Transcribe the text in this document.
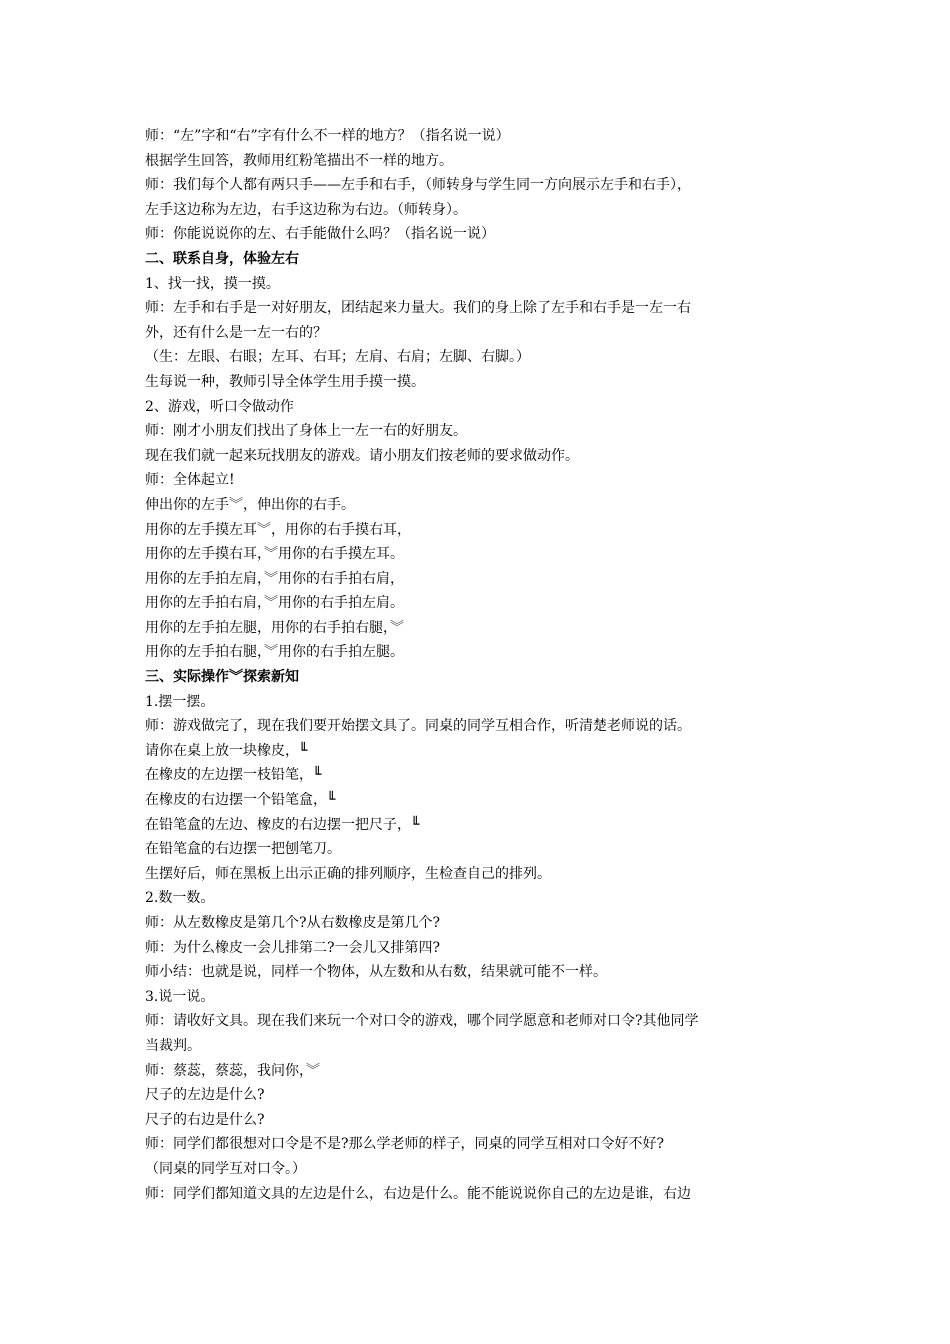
师：“左”字和“右”字有什么不一样的地方？（指名说一说）
根据学生回答，教师用红粉笔描出不一样的地方。
师：我们每个人都有两只手——左手和右手，（师转身与学生同一方向展示左手和右手），
左手这边称为左边，右手这边称为右边。（师转身）。
师：你能说说你的左、右手能做什么吗？（指名说一说）
二、联系自身，体验左右
1、找一找，摸一摸。
师：左手和右手是一对好朋友，团结起来力量大。我们的身上除了左手和右手是一左一右
外，还有什么是一左一右的？
（生：左眼、右眼；左耳、右耳；左肩、右肩；左脚、右脚。）
生每说一种，教师引导全体学生用手摸一摸。
2、游戏，听口令做动作
师：刚才小朋友们找出了身体上一左一右的好朋友。
现在我们就一起来玩找朋友的游戏。请小朋友们按老师的要求做动作。
师：全体起立!
伸出你的左手︾，伸出你的右手。
用你的左手摸左耳︾，用你的右手摸右耳，
用你的左手摸右耳，︾用你的右手摸左耳。
用你的左手拍左肩，︾用你的右手拍右肩，
用你的左手拍右肩，︾用你的右手拍左肩。
用你的左手拍左腿，用你的右手拍右腿，︾
用你的左手拍右腿，︾用你的右手拍左腿。
三、实际操作︾探索新知
1.摆一摆。
师：游戏做完了，现在我们要开始摆文具了。同桌的同学互相合作，听清楚老师说的话。
请你在桌上放一块橡皮，╙
在橡皮的左边摆一枝铅笔，╙
在橡皮的右边摆一个铅笔盒，╙
在铅笔盒的左边、橡皮的右边摆一把尺子，╙
在铅笔盒的右边摆一把刨笔刀。
生摆好后，师在黑板上出示正确的排列顺序，生检查自己的排列。
2.数一数。
师：从左数橡皮是第几个?从右数橡皮是第几个?
师：为什么橡皮一会儿排第二?一会儿又排第四?
师小结：也就是说，同样一个物体，从左数和从右数，结果就可能不一样。
3.说一说。
师：请收好文具。现在我们来玩一个对口令的游戏，哪个同学愿意和老师对口令?其他同学
当裁判。
师：蔡蕊，蔡蕊，我问你，︾
尺子的左边是什么?
尺子的右边是什么?
师：同学们都很想对口令是不是?那么学老师的样子，同桌的同学互相对口令好不好?
（同桌的同学互对口令。）
师：同学们都知道文具的左边是什么，右边是什么。能不能说说你自己的左边是谁，右边
